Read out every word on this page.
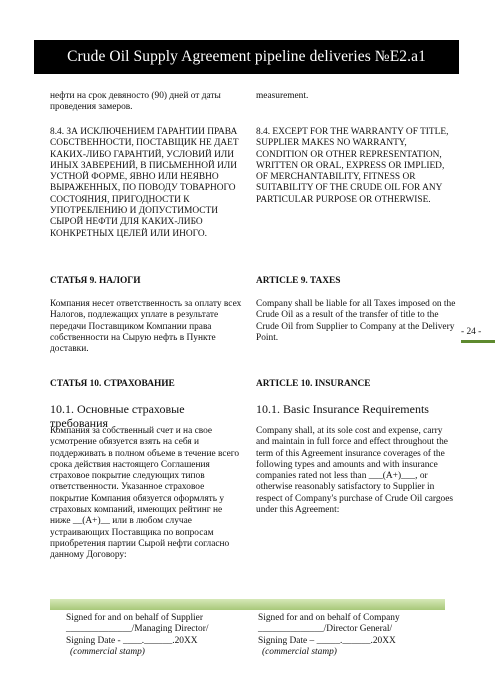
Crude Oil Supply Agreement pipeline deliveries №E2.a1
нефти на срок девяносто (90) дней от даты проведения замеров.
measurement.
8.4. ЗА ИСКЛЮЧЕНИЕМ ГАРАНТИИ ПРАВА СОБСТВЕННОСТИ, ПОСТАВЩИК НЕ ДАЕТ КАКИХ-ЛИБО ГАРАНТИЙ, УСЛОВИЙ ИЛИ ИНЫХ ЗАВЕРЕНИЙ, В ПИСЬМЕННОЙ ИЛИ УСТНОЙ ФОРМЕ, ЯВНО ИЛИ НЕЯВНО ВЫРАЖЕННЫХ, ПО ПОВОДУ ТОВАРНОГО СОСТОЯНИЯ, ПРИГОДНОСТИ К УПОТРЕБЛЕНИЮ И ДОПУСТИМОСТИ СЫРОЙ НЕФТИ ДЛЯ КАКИХ-ЛИБО КОНКРЕТНЫХ ЦЕЛЕЙ ИЛИ ИНОГО.
8.4. EXCEPT FOR THE WARRANTY OF TITLE, SUPPLIER MAKES NO WARRANTY, CONDITION OR OTHER REPRESENTATION, WRITTEN OR ORAL, EXPRESS OR IMPLIED, OF MERCHANTABILITY, FITNESS OR SUITABILITY OF THE CRUDE OIL FOR ANY PARTICULAR PURPOSE OR OTHERWISE.
СТАТЬЯ 9. НАЛОГИ	ARTICLE 9. TAXES
Компания несет ответственность за оплату всех Налогов, подлежащих уплате в результате передачи Поставщиком Компании права собственности на Сырую нефть в Пункте доставки.
Company shall be liable for all Taxes imposed on the Crude Oil as a result of the transfer of title to the Crude Oil from Supplier to Company at the Delivery Point.
- 24 -
СТАТЬЯ 10. СТРАХОВАНИЕ	ARTICLE 10. INSURANCE
10.1. Основные страховые требования
10.1. Basic Insurance Requirements
Компания за собственный счет и на свое усмотрение обязуется взять на себя и поддерживать в полном объеме в течение всего срока действия настоящего Соглашения страховое покрытие следующих типов ответственности. Указанное страховое покрытие Компания обязуется оформлять у страховых компаний, имеющих рейтинг не ниже __(A+)__ или в любом случае устраивающих Поставщика по вопросам приобретения партии Сырой нефти согласно данному Договору:
Company shall, at its sole cost and expense, carry and maintain in full force and effect throughout the term of this Agreement insurance coverages of the following types and amounts and with insurance companies rated not less than ___(A+)___, or otherwise reasonably satisfactory to Supplier in respect of Company's purchase of Crude Oil cargoes under this Agreement:
Signed for and on behalf of Supplier
______________/Managing Director/
Signing Date - ____.______.20XX
(commercial stamp)
Signed for and on behalf of Company
______________/Director General/
Signing Date – _____.______.20XX
(commercial stamp)
